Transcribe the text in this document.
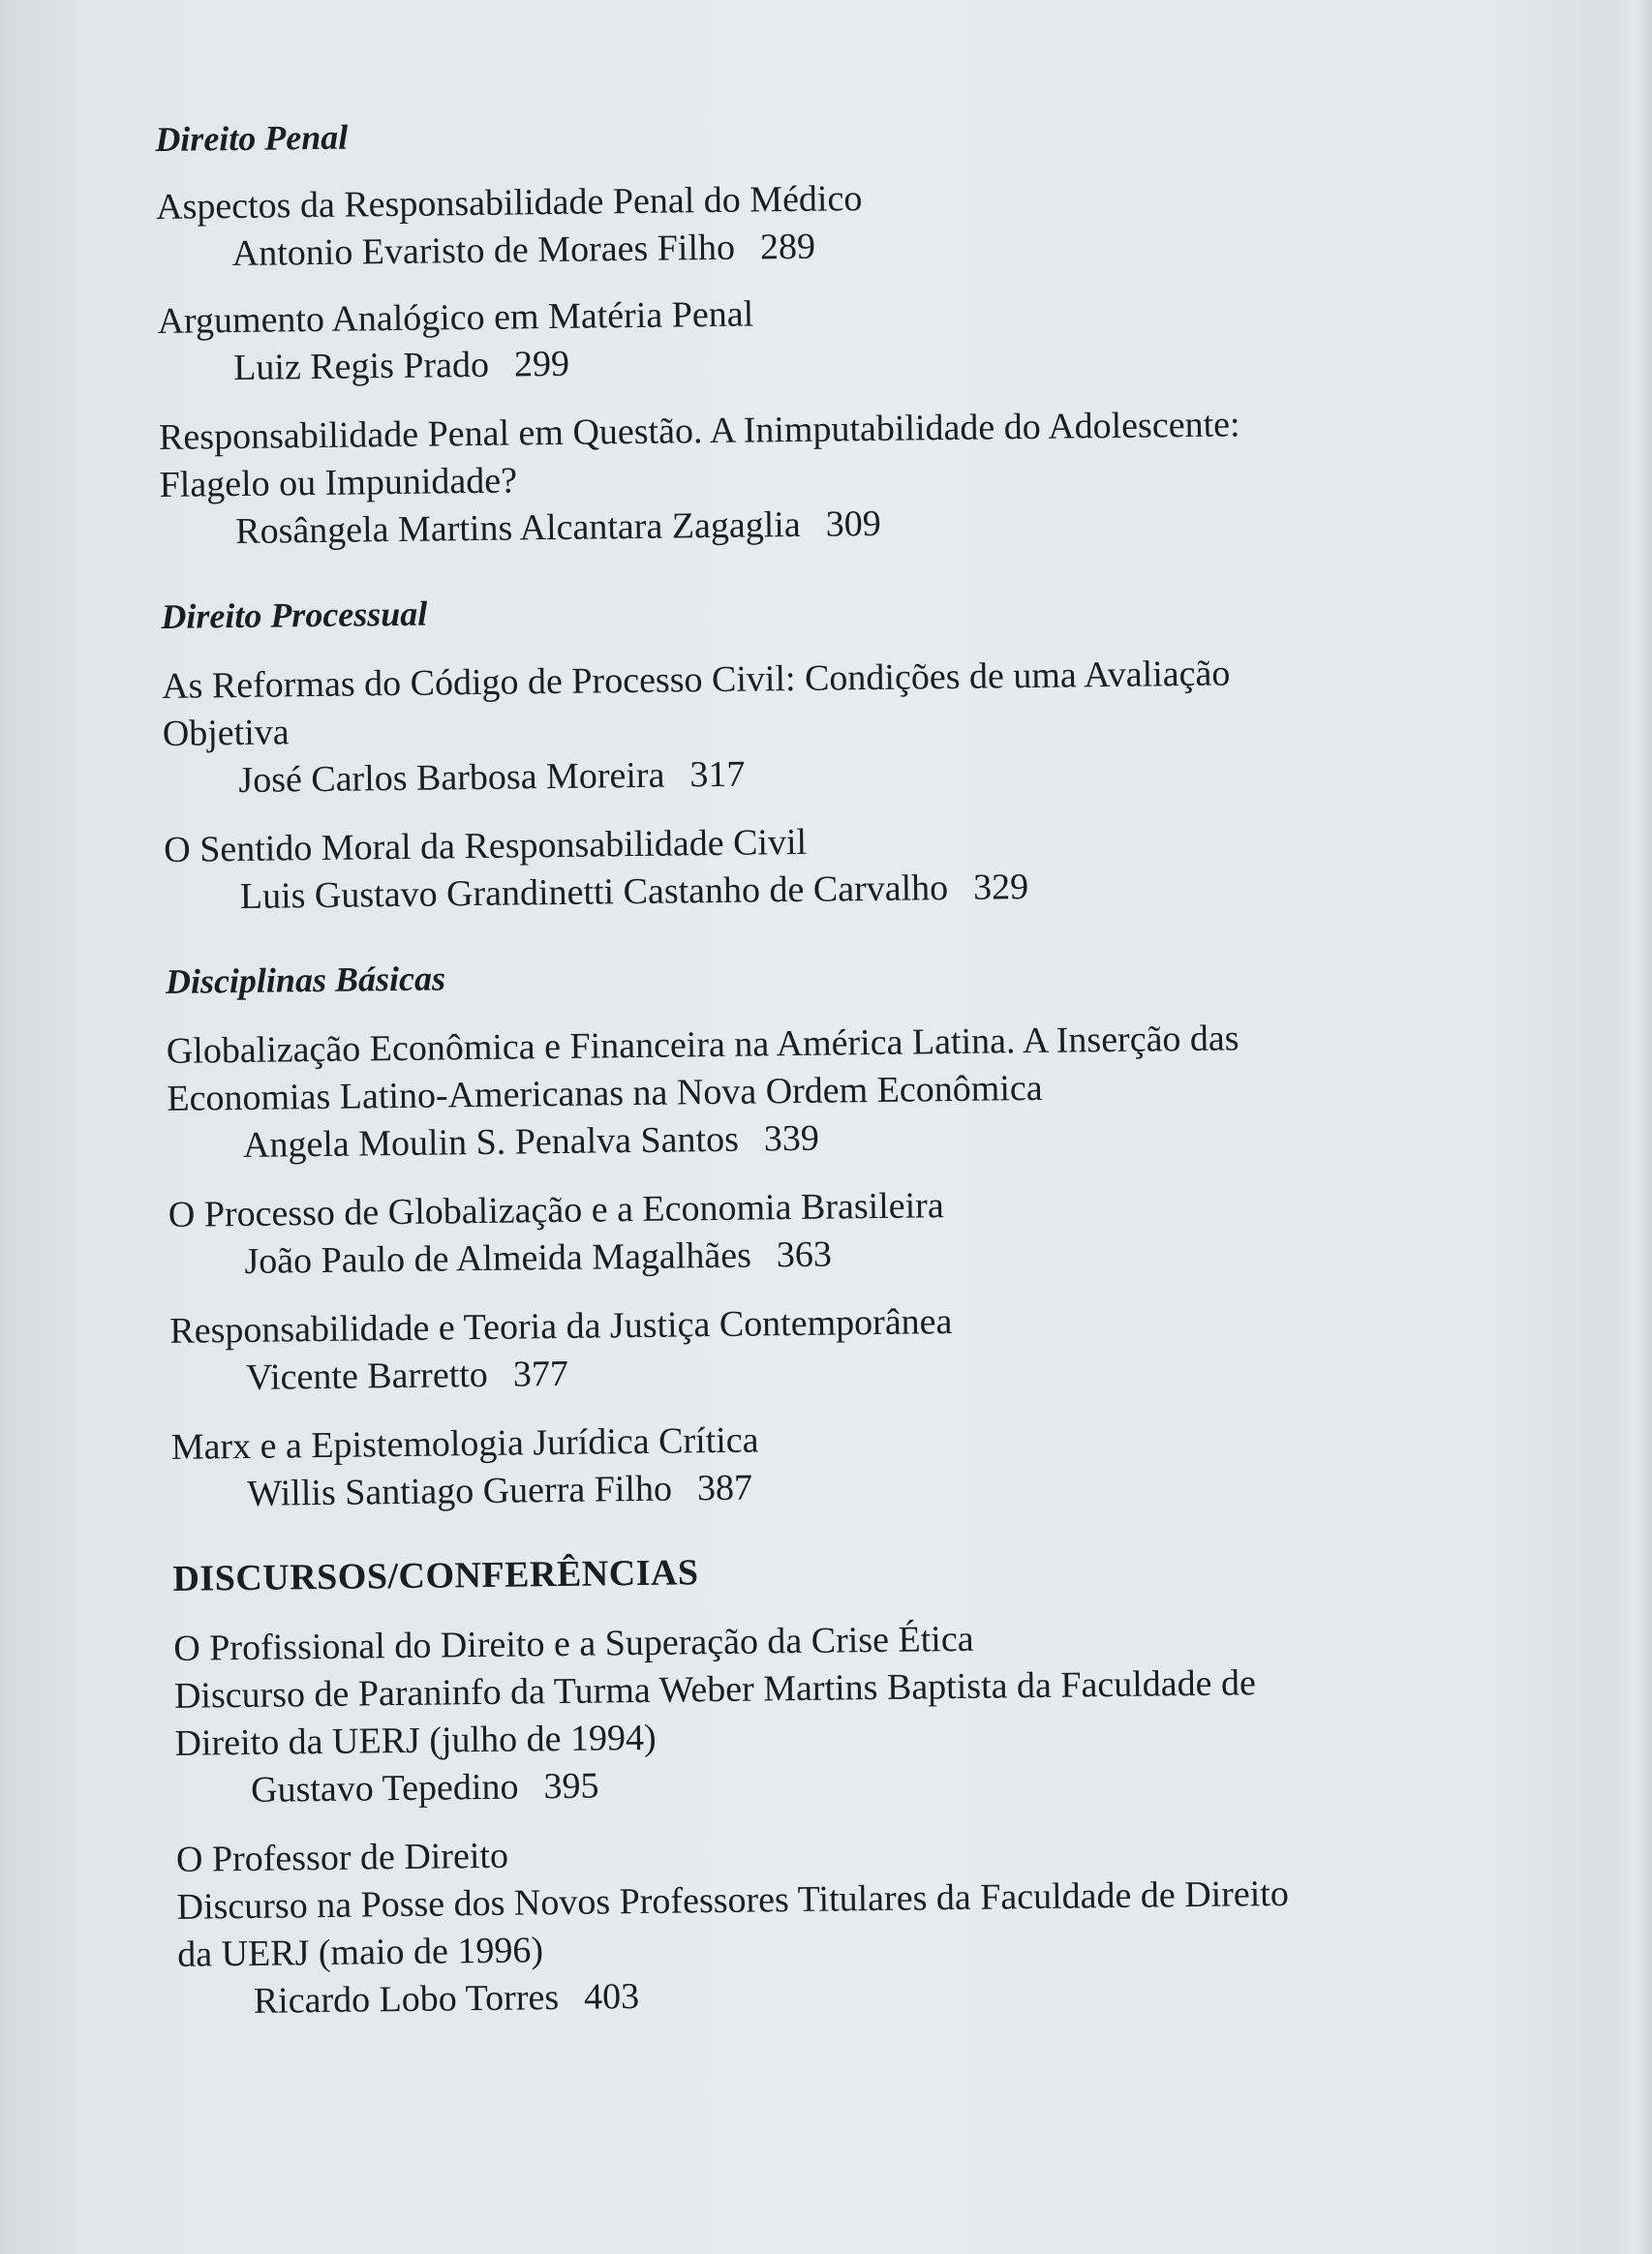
Direito Penal

Aspectos da Responsabilidade Penal do Médico

Antonio Evaristo de Moraes Filho 289

Argumento Analógico em Matéria Penal

Luiz Regis Prado 299

Responsabilidade Penal em Questão. A Inimputabilidade do Adolescente:

Flagelo ou Impunidade?

Rosângela Martins Alcantara Zagaglia 309

Direito Processual

As Reformas do Código de Processo Civil: Condições de uma Avaliação

Objetiva

José Carlos Barbosa Moreira 317

O Sentido Moral da Responsabilidade Civil

Luis Gustavo Grandinetti Castanho de Carvalho 329

Disciplinas Básicas

Globalização Econômica e Financeira na América Latina. A Inserção das

Economias Latino-Americanas na Nova Ordem Econômica

Angela Moulin S. Penalva Santos 339

O Processo de Globalização e a Economia Brasileira

João Paulo de Almeida Magalhães 363

Responsabilidade e Teoria da Justiça Contemporânea

Vicente Barretto 377

Marx e a Epistemologia Jurídica Crítica

Willis Santiago Guerra Filho 387

DISCURSOS/CONFERÊNCIAS

O Profissional do Direito e a Superação da Crise Ética

Discurso de Paraninfo da Turma Weber Martins Baptista da Faculdade de

Direito da UERJ (julho de 1994)

Gustavo Tepedino 395

O Professor de Direito

Discurso na Posse dos Novos Professores Titulares da Faculdade de Direito

da UERJ (maio de 1996)

Ricardo Lobo Torres 403
